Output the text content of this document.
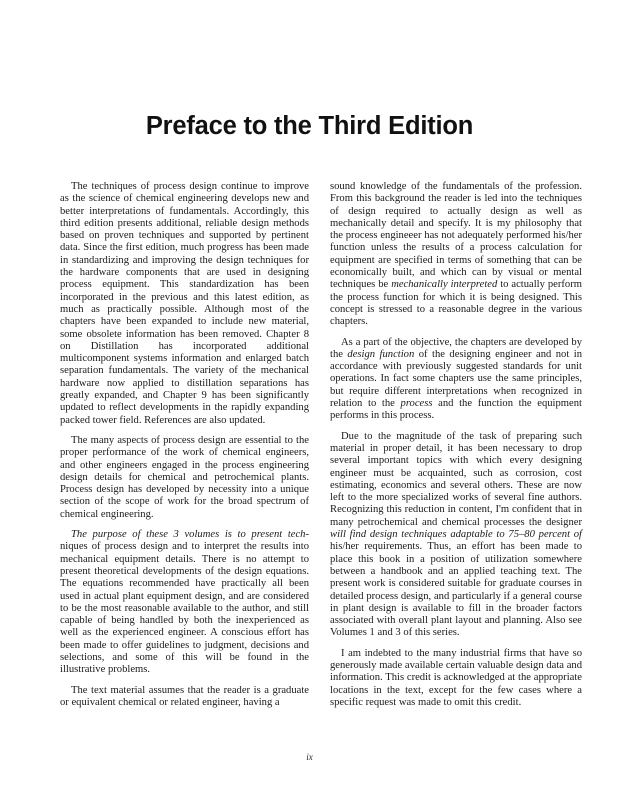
Preface to the Third Edition

The techniques of process design continue to improve as the science of chemical engineering develops new and better interpretations of fundamentals. Accordingly, this third edition presents additional, reliable design methods based on proven techniques and supported by pertinent data. Since the first edition, much progress has been made in standardizing and improving the design techniques for the hardware components that are used in designing process equipment. This standardization has been incorporated in the previous and this latest edition, as much as practically possible. Although most of the chapters have been expanded to include new material, some obsolete information has been removed. Chapter 8 on Distillation has incorporated additional multicomponent systems information and enlarged batch separation fundamentals. The variety of the mechanical hardware now applied to distillation separations has greatly expanded, and Chapter 9 has been significantly updated to reflect developments in the rapidly expanding packed tower field. References are also updated.

The many aspects of process design are essential to the proper performance of the work of chemical engineers, and other engineers engaged in the process engineering design details for chemical and petrochemical plants. Process design has developed by necessity into a unique section of the scope of work for the broad spectrum of chemical engineering.

The purpose of these 3 volumes is to present tech- niques of process design and to interpret the results into mechanical equipment details. There is no attempt to present theoretical developments of the design equations. The equations recommended have practically all been used in actual plant equipment design, and are considered to be the most reasonable available to the author, and still capable of being handled by both the inexperienced as well as the experienced engineer. A conscious effort has been made to offer guidelines to judgment, decisions and selections, and some of this will be found in the illustrative problems.

The text material assumes that the reader is a graduate or equivalent chemical or related engineer, having a

sound knowledge of the fundamentals of the profession. From this background the reader is led into the techniques of design required to actually design as well as mechanically detail and specify. It is my philosophy that the process engineeer has not adequately performed his/her function unless the results of a process calculation for equipment are specified in terms of something that can be economically built, and which can by visual or mental techniques be mechanically interpreted to actually perform the process function for which it is being designed. This concept is stressed to a reasonable degree in the various chapters.

As a part of the objective, the chapters are developed by the design function of the designing engineer and not in accordance with previously suggested standards for unit operations. In fact some chapters use the same principles, but require different interpretations when recognized in relation to the process and the function the equipment performs in this process.

Due to the magnitude of the task of preparing such material in proper detail, it has been necessary to drop several important topics with which every designing engineer must be acquainted, such as corrosion, cost estimating, economics and several others. These are now left to the more specialized works of several fine authors. Recognizing this reduction in content, I'm confident that in many petrochemical and chemical processes the designer will find design techniques adaptable to 75–80 percent of his/her requirements. Thus, an effort has been made to place this book in a position of utilization somewhere between a handbook and an applied teaching text. The present work is considered suitable for graduate courses in detailed process design, and particularly if a general course in plant design is available to fill in the broader factors associated with overall plant layout and planning. Also see Volumes 1 and 3 of this series.

I am indebted to the many industrial firms that have so generously made available certain valuable design data and information. This credit is acknowledged at the appropriate locations in the text, except for the few cases where a specific request was made to omit this credit.

ix
